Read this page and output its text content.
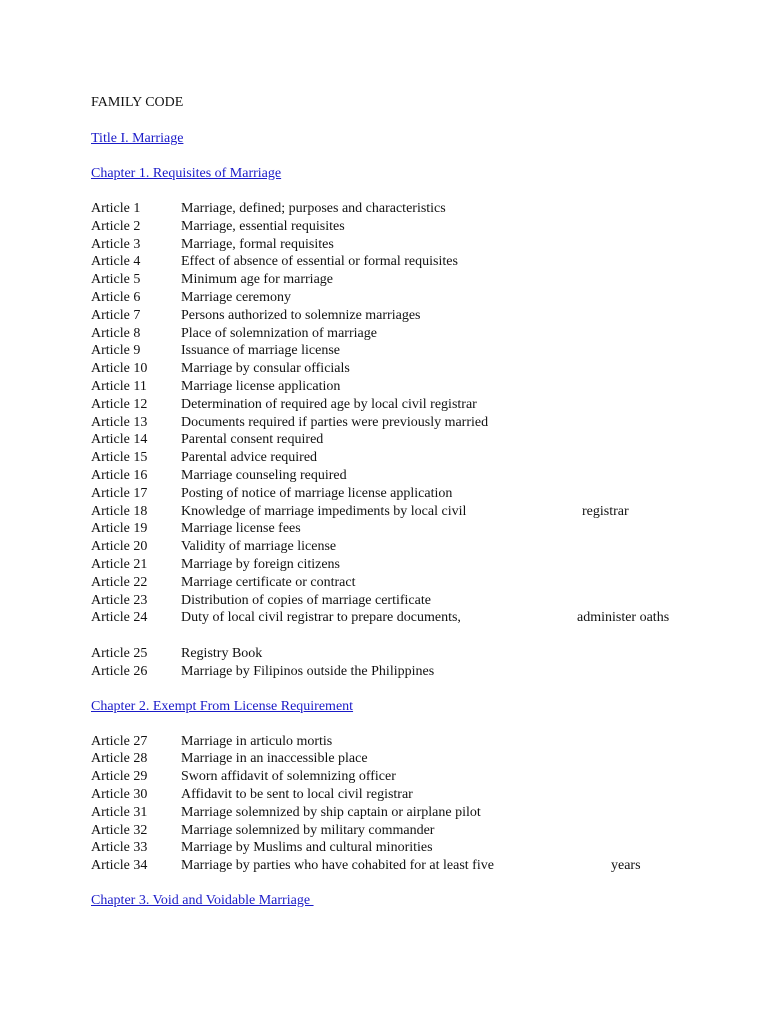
FAMILY CODE
Title I. Marriage
Chapter 1. Requisites of Marriage
Article 1	Marriage, defined; purposes and characteristics
Article 2	Marriage, essential requisites
Article 3	Marriage, formal requisites
Article 4	Effect of absence of essential or formal requisites
Article 5	Minimum age for marriage
Article 6	Marriage ceremony
Article 7	Persons authorized to solemnize marriages
Article 8	Place of solemnization of marriage
Article 9	Issuance of marriage license
Article 10 Marriage by consular officials
Article 11 Marriage license application
Article 12 Determination of required age by local civil registrar
Article 13 Documents required if parties were previously married
Article 14 Parental consent required
Article 15 Parental advice required
Article 16 Marriage counseling required
Article 17 Posting of notice of marriage license application
Article 18 Knowledge of marriage impediments by local civil	registrar
Article 19 Marriage license fees
Article 20 Validity of marriage license
Article 21 Marriage by foreign citizens
Article 22 Marriage certificate or contract
Article 23 Distribution of copies of marriage certificate
Article 24 Duty of local civil registrar to prepare documents,	administer oaths
Article 25 Registry Book
Article 26 Marriage by Filipinos outside the Philippines
Chapter 2. Exempt From License Requirement
Article 27 Marriage in articulo mortis
Article 28 Marriage in an inaccessible place
Article 29 Sworn affidavit of solemnizing officer
Article 30 Affidavit to be sent to local civil registrar
Article 31 Marriage solemnized by ship captain or airplane pilot
Article 32 Marriage solemnized by military commander
Article 33 Marriage by Muslims and cultural minorities
Article 34 Marriage by parties who have cohabited for at least five	years
Chapter 3. Void and Voidable Marriage
